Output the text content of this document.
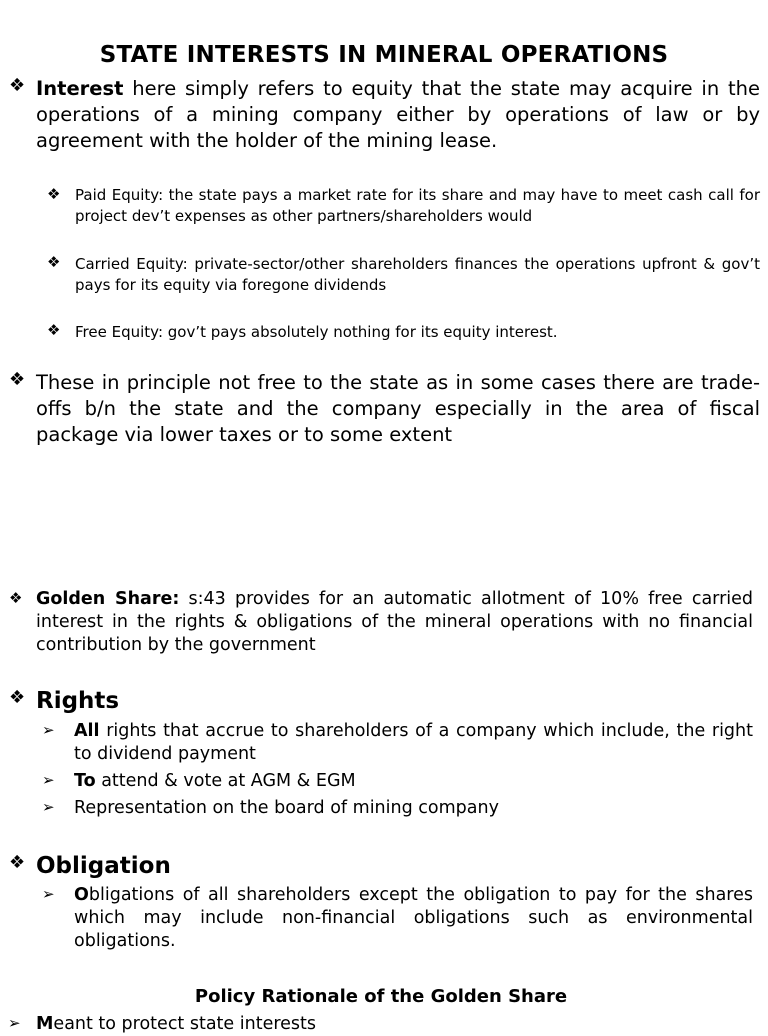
STATE INTERESTS IN MINERAL OPERATIONS
❖ Interest here simply refers to equity that the state may acquire in the operations of a mining company either by operations of law or by agreement with the holder of the mining lease.
❖ Paid Equity: the state pays a market rate for its share and may have to meet cash call for project dev’t expenses as other partners/shareholders would
❖ Carried Equity: private-sector/other shareholders finances the operations upfront & gov’t pays for its equity via foregone dividends
❖ Free Equity: gov’t pays absolutely nothing for its equity interest.
❖ These in principle not free to the state as in some cases there are trade-offs b/n the state and the company especially in the area of fiscal package via lower taxes or to some extent
❖ Golden Share: s:43 provides for an automatic allotment of 10% free carried interest in the rights & obligations of the mineral operations with no financial contribution by the government
❖ Rights
➢ All rights that accrue to shareholders of a company which include, the right to dividend payment
➢ To attend & vote at AGM & EGM
➢ Representation on the board of mining company
❖ Obligation
➢ Obligations of all shareholders except the obligation to pay for the shares which may include non-financial obligations such as environmental obligations.
Policy Rationale of the Golden Share
➢ Meant to protect state interests
